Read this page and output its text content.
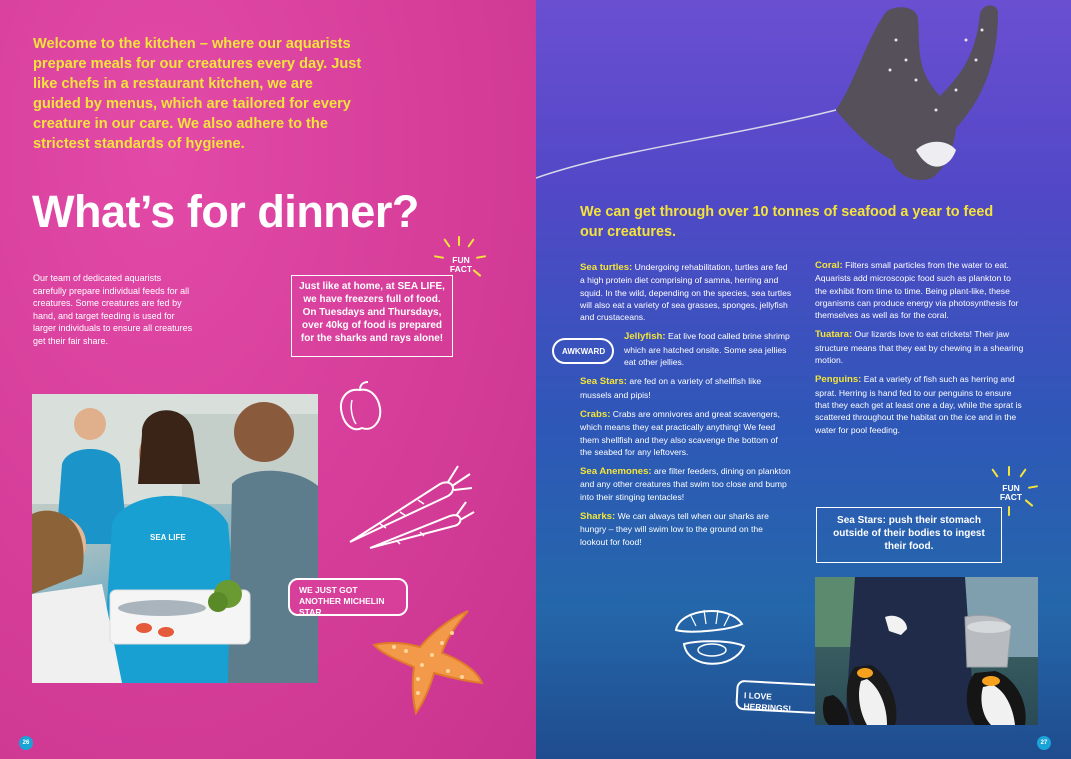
Welcome to the kitchen – where our aquarists prepare meals for our creatures every day. Just like chefs in a restaurant kitchen, we are guided by menus, which are tailored for every creature in our care. We also adhere to the strictest standards of hygiene.
What’s for dinner?
Our team of dedicated aquarists carefully prepare individual feeds for all creatures. Some creatures are fed by hand, and target feeding is used for larger individuals to ensure all creatures get their fair share.
FUN FACT
Just like at home, at SEA LIFE, we have freezers full of food. On Tuesdays and Thursdays, over 40kg of food is prepared for the sharks and rays alone!
SEA LIFE
WE JUST GOT ANOTHER MICHELIN STAR
26
We can get through over 10 tonnes of seafood a year to feed our creatures.

Sea turtles: Undergoing rehabilitation, turtles are fed a high protein diet comprising of samna, herring and squid. In the wild, depending on the species, sea turtles will also eat a variety of sea grasses, sponges, jellyfish and crustaceans.

Jellyfish: Eat live food called brine shrimp which are hatched onsite. Some sea jellies eat other jellies.

Sea Stars: are fed on a variety of shellfish like mussels and pipis!

Crabs: Crabs are omnivores and great scavengers, which means they eat practically anything! We feed them shellfish and they also scavenge the bottom of the seabed for any leftovers.

Sea Anemones: are filter feeders, dining on plankton and any other creatures that swim too close and bump into their stinging tentacles!

Sharks: We can always tell when our sharks are hungry – they will swim low to the ground on the lookout for food!

AWKWARD

Coral: Filters small particles from the water to eat. Aquarists add microscopic food such as plankton to the exhibit from time to time. Being plant-like, these organisms can produce energy via photosynthesis for themselves as well as for the coral.

Tuatara: Our lizards love to eat crickets! Their jaw structure means that they eat by chewing in a shearing motion.

Penguins: Eat a variety of fish such as herring and sprat. Herring is hand fed to our penguins to ensure that they each get at least one a day, while the sprat is scattered throughout the habitat on the ice and in the water for pool feeding.

FUN FACT
Sea Stars: push their stomach outside of their bodies to ingest their food.
I LOVE HERRINGS!
27
